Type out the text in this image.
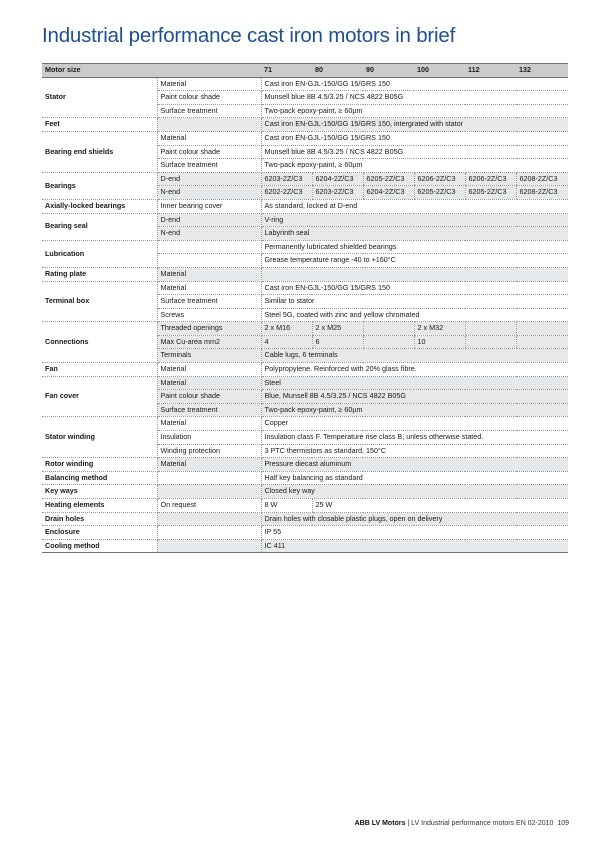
Industrial performance cast iron motors in brief
Motor size		71	80	90	100	112	132
Stator	Material	Cast iron EN-GJL-150/GG 15/GRS 150					
	Paint colour shade	Munsell blue 8B 4.5/3.25 / NCS 4822 B05G					
	Surface treatment	Two-pack epoxy-paint, ≥ 60µm					
Feet		Cast iron EN-GJL-150/GG 15/GRS 150, intergrated with stator					
Bearing end shields	Material	Cast iron EN-GJL-150/GG 15/GRS 150					
	Paint colour shade	Munsell blue 8B 4.5/3.25 / NCS 4822 B05G					
	Surface treatment	Two-pack epoxy-paint, ≥ 60µm					
Bearings	D-end	6203-2Z/C3	6204-2Z/C3	6205-2Z/C3	6206-2Z/C3	6206-2Z/C3	6208-2Z/C3
	N-end	6202-2Z/C3	6203-2Z/C3	6204-2Z/C3	6205-2Z/C3	6205-2Z/C3	6208-2Z/C3
Axially-locked bearings	Inner bearing cover	As standard, locked at D-end					
Bearing seal	D-end	V-ring					
	N-end	Labyrinth seal					
Lubrication		Permanently lubricated shielded bearings					
		Grease temperature range -40 to +160°C					
Rating plate	Material						
Terminal box	Material	Cast iron EN-GJL-150/GG 15/GRS 150					
	Surface treatment	Similar to stator					
	Screws	Steel 5G, coated with zinc and yellow chromated					
Connections	Threaded openings	2 x M16	2 x M25		2 x M32		
	Max Cu-area mm2	4	6		10		
	Terminals	Cable lugs, 6 terminals					
Fan	Material	Polypropylene. Reinforced with 20% glass fibre.					
Fan cover	Material	Steel					
	Paint colour shade	Blue, Munsell 8B 4.5/3.25 / NCS 4822 B05G					
	Surface treatment	Two-pack epoxy-paint, ≥ 60µm					
Stator winding	Material	Copper					
	Insulation	Insulation class F. Temperature rise class B, unless otherwise stated.					
	Winding protection	3 PTC thermistors as standard, 150°C					
Rotor winding	Material	Pressure diecast aluminum					
Balancing method		Half key balancing as standard					
Key ways		Closed key way					
Heating elements	On request	8 W	25 W				
Drain holes		Drain holes with closable plastic plugs, open on delivery					
Enclosure		IP 55					
Cooling method		IC 411					
ABB LV Motors | LV Industrial performance motors EN 02-2010 109
